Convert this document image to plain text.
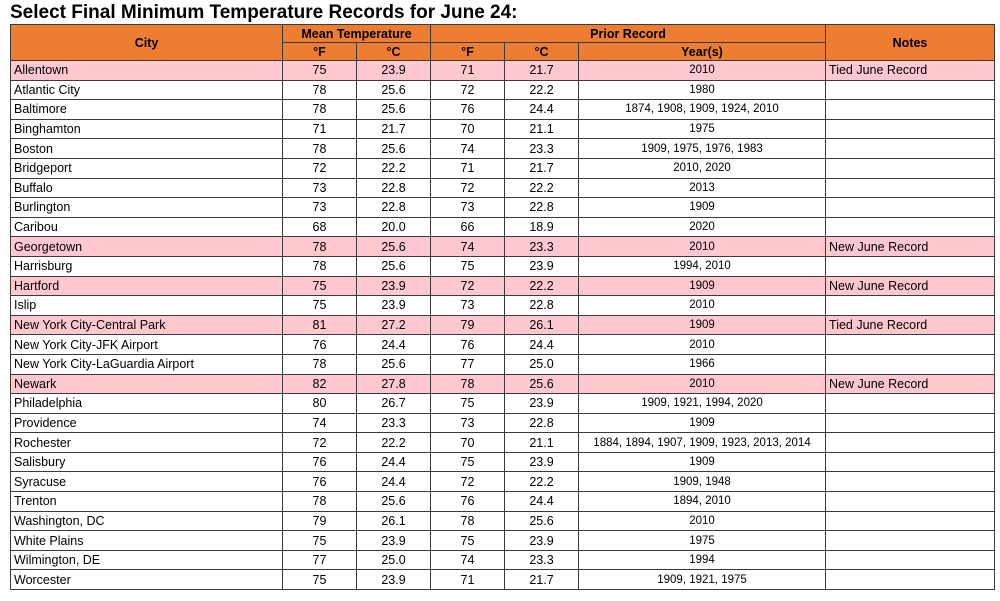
Select Final Minimum Temperature Records for June 24:
City	Mean Temperature		Prior Record			Notes
	°F	°C	°F	°C	Year(s)	
Allentown	75	23.9	71	21.7	2010	Tied June Record
Atlantic City	78	25.6	72	22.2	1980	
Baltimore	78	25.6	76	24.4	1874, 1908, 1909, 1924, 2010	
Binghamton	71	21.7	70	21.1	1975	
Boston	78	25.6	74	23.3	1909, 1975, 1976, 1983	
Bridgeport	72	22.2	71	21.7	2010, 2020	
Buffalo	73	22.8	72	22.2	2013	
Burlington	73	22.8	73	22.8	1909	
Caribou	68	20.0	66	18.9	2020	
Georgetown	78	25.6	74	23.3	2010	New June Record
Harrisburg	78	25.6	75	23.9	1994, 2010	
Hartford	75	23.9	72	22.2	1909	New June Record
Islip	75	23.9	73	22.8	2010	
New York City-Central Park	81	27.2	79	26.1	1909	Tied June Record
New York City-JFK Airport	76	24.4	76	24.4	2010	
New York City-LaGuardia Airport	78	25.6	77	25.0	1966	
Newark	82	27.8	78	25.6	2010	New June Record
Philadelphia	80	26.7	75	23.9	1909, 1921, 1994, 2020	
Providence	74	23.3	73	22.8	1909	
Rochester	72	22.2	70	21.1	1884, 1894, 1907, 1909, 1923, 2013, 2014	
Salisbury	76	24.4	75	23.9	1909	
Syracuse	76	24.4	72	22.2	1909, 1948	
Trenton	78	25.6	76	24.4	1894, 2010	
Washington, DC	79	26.1	78	25.6	2010	
White Plains	75	23.9	75	23.9	1975	
Wilmington, DE	77	25.0	74	23.3	1994	
Worcester	75	23.9	71	21.7	1909, 1921, 1975	
